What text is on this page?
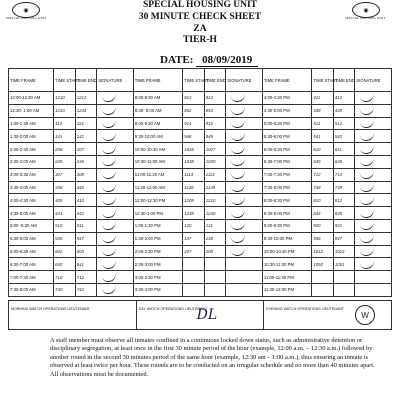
◉
SPECIAL HOUSING UNIT
◉
SPECIAL HOUSING UNIT
SPECIAL HOUSING UNIT
30 MINUTE CHECK SHEET
ZA
TIER-H
DATE: 08/09/2019
TIME FRAME	TIME START	TIME END	SIGNATURE	TIME FRAME	TIME START	TIME END	SIGNATURE	TIME FRAME	TIME START	TIME END	SIGNATURE
12:00-12:30 AM	1210	1212		8:00-8:30 AM	813	814		4:00-4:30 PM	411	412	

12:30- 1:00 AM	1243	1244		8:30- 9:00 AM	852	853		4:30-5:00 PM	448	449	

1:00-1:30 AM	113	114		9:00-9:30 AM	914	915		5:00-5:30 PM	511	512	

1:30-2:00 AM	141	142		9:30-10:00 AM	948	949		5:30-6:00 PM	541	542	

2:00-2:30 AM	206	207		10:00-10:30 AM	1026	1027		6:00-6:30 PM	610	611	

2:30-3:00 AM	245	246		10:30-11:00 AM	1038	1039		6:30-7:00 PM	645	646	

3:00-3:30 AM	307	308		11:00-11:30 AM	1113	1114		7:00-7:30 PM	712	713	

3:30-4:00 AM	338	340		11:30-12:00 AM	1138	1139		7:30-8:00 PM	738	739	

4:00-4:30 AM	409	410		12:00-12:30 PM	1209	1210		8:00-8:30 PM	810	812	

4:30-5:00 AM	441	442		12:30-1:00 PM	1238	1240		8:30-9:00 PM	844	845	

5:00 -5:30 AM	510	511		1:00-1:30 PM	120	121		9:00-9:30 PM	920	921	

5:30-6:00 AM	545	547		1:30-2:00 PM	137	138		9:30-10:00 PM	946	947	

6:00-6:30 AM	602	603		2:00-2:30 PM	207	208		10:00-10:30 PM	1012	1013	

6:30-7:00 AM	640	641		2:30-3:00 PM				10:30-11:00 PM	1050	1051	

7:00-7:30 AM	710	712		3:00-3:30 PM				11:00-11:30 PM			
7:30-8:00 AM	740	742		3:30-4:00 PM				11:30-12:00 PM			
MORNING WATCH OPERATIONS LIEUTENANT	DAY WATCH OPERATIONS LIEUTENANT
DL	EVENING WATCH OPERATIONS LIEUTENANT
W
A staff member must observe all inmates confined in a continuous locked down status, such as administrative detention or disciplinary segregation, at least once in the first 30 minute period of the hour (example, 12:00 a.m. – 12:30 a.m.) followed by another round in the second 30 minutes period of the same hour (example, 12:30 am – 1:00 a.m.), thus ensuring an inmate is observed at least twice per hour. These rounds are to be conducted on an irregular schedule and no more than 40 minutes apart. All observations must be documented.
